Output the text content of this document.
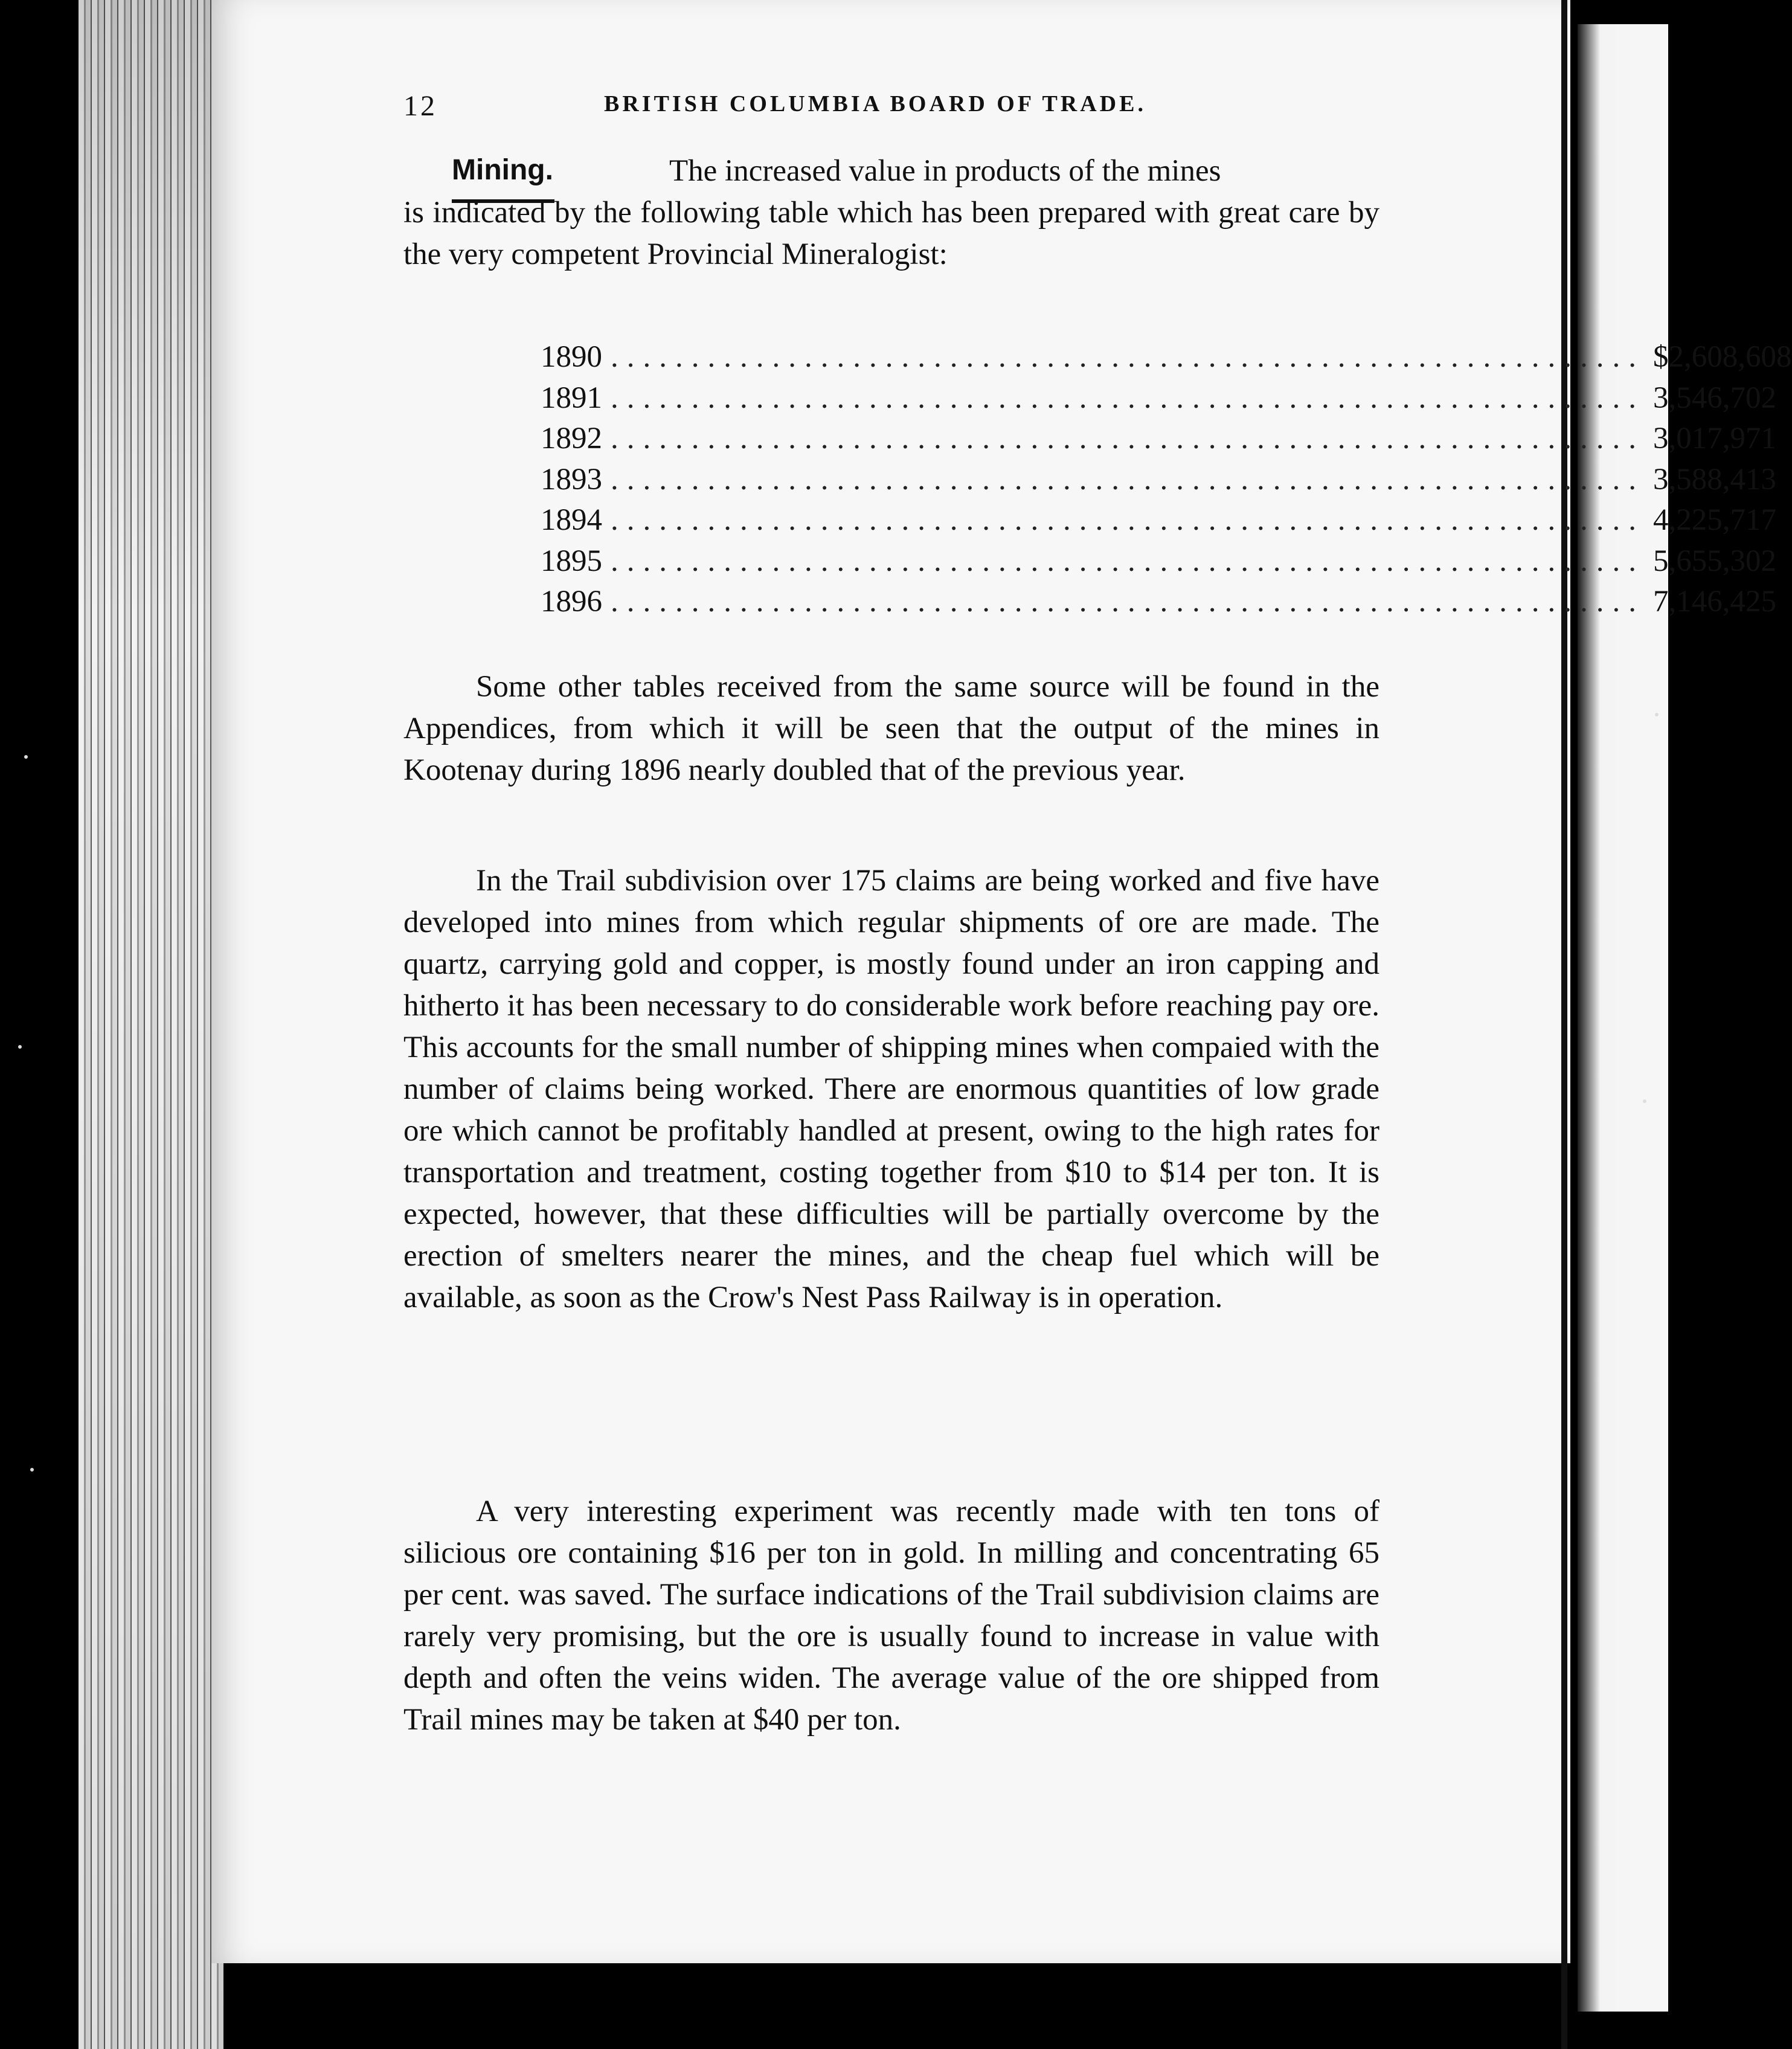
12	BRITISH COLUMBIA BOARD OF TRADE.
Mining.	The increased value in products of the mines
is indicated by the following table which has been prepared with great care by the very competent Provincial Mineralogist:
1890 ................................................................ $2,608,608
1891 ................................................................ 3,546,702
1892 ................................................................ 3,017,971
1893 ................................................................ 3,588,413
1894 ................................................................ 4,225,717
1895 ................................................................ 5,655,302
1896 ................................................................ 7,146,425
Some other tables received from the same source will be found in the Appendices, from which it will be seen that the output of the mines in Kootenay during 1896 nearly doubled that of the previous year.
In the Trail subdivision over 175 claims are being worked and five have developed into mines from which regular shipments of ore are made. The quartz, carrying gold and copper, is mostly found under an iron capping and hitherto it has been necessary to do considerable work before reaching pay ore. This accounts for the small number of shipping mines when compaied with the number of claims being worked. There are enormous quantities of low grade ore which cannot be profitably handled at present, owing to the high rates for transportation and treatment, costing together from $10 to $14 per ton. It is expected, however, that these difficulties will be partially overcome by the erection of smelters nearer the mines, and the cheap fuel which will be available, as soon as the Crow's Nest Pass Railway is in operation.
A very interesting experiment was recently made with ten tons of silicious ore containing $16 per ton in gold. In milling and concentrating 65 per cent. was saved. The surface indications of the Trail subdivision claims are rarely very promising, but the ore is usually found to increase in value with depth and often the veins widen. The average value of the ore shipped from Trail mines may be taken at $40 per ton.
